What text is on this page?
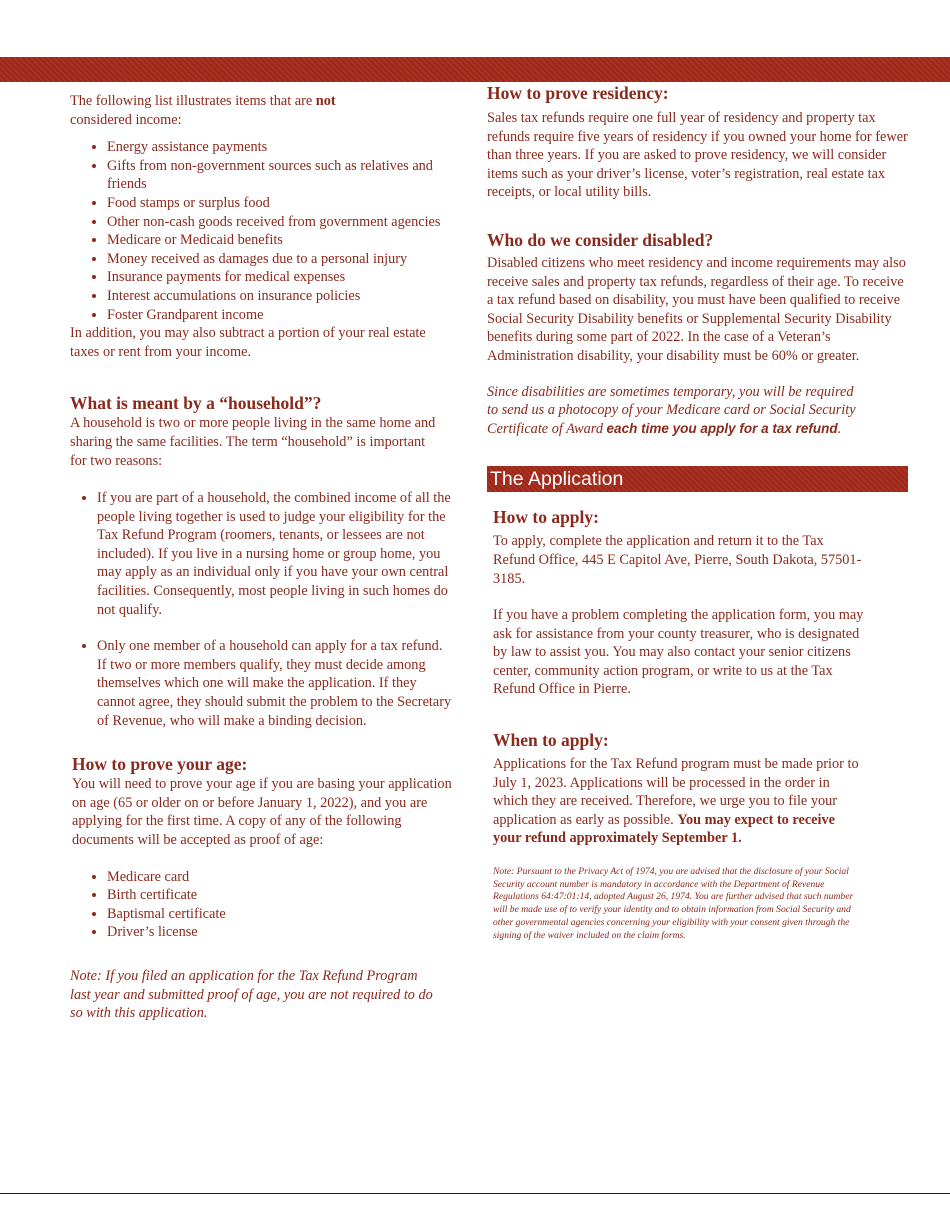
The following list illustrates items that are not
considered income:

• Energy assistance payments
• Gifts from non-government sources such as relatives and friends
• Food stamps or surplus food
• Other non-cash goods received from government agencies
• Medicare or Medicaid benefits
• Money received as damages due to a personal injury
• Insurance payments for medical expenses
• Interest accumulations on insurance policies
• Foster Grandparent income

In addition, you may also subtract a portion of your real estate taxes or rent from your income.

What is meant by a “household”?

A household is two or more people living in the same home and sharing the same facilities. The term “household” is important for two reasons:

• If you are part of a household, the combined income of all the people living together is used to judge your eligibility for the Tax Refund Program (roomers, tenants, or lessees are not included). If you live in a nursing home or group home, you may apply as an individual only if you have your own central facilities. Consequently, most people living in such homes do not qualify.
• Only one member of a household can apply for a tax refund. If two or more members qualify, they must decide among themselves which one will make the application. If they cannot agree, they should submit the problem to the Secretary of Revenue, who will make a binding decision.
How to prove your age:

You will need to prove your age if you are basing your application on age (65 or older on or before January 1, 2022), and you are applying for the first time. A copy of any of the following documents will be accepted as proof of age:

• Medicare card
• Birth certificate
• Baptismal certificate
• Driver’s license

Note: If you filed an application for the Tax Refund Program last year and submitted proof of age, you are not required to do so with this application.

How to prove residency:

Sales tax refunds require one full year of residency and property tax refunds require five years of residency if you owned your home for fewer than three years. If you are asked to prove residency, we will consider items such as your driver’s license, voter’s registration, real estate tax receipts, or local utility bills.

Who do we consider disabled?

Disabled citizens who meet residency and income requirements may also receive sales and property tax refunds, regardless of their age. To receive a tax refund based on disability, you must have been qualified to receive Social Security Disability benefits or Supplemental Security Disability benefits during some part of 2022. In the case of a Veteran’s Administration disability, your disability must be 60% or greater.

Since disabilities are sometimes temporary, you will be required to send us a photocopy of your Medicare card or Social Security Certificate of Award each time you apply for a tax refund.

The Application
How to apply:

To apply, complete the application and return it to the Tax Refund Office, 445 E Capitol Ave, Pierre, South Dakota, 57501-3185.

If you have a problem completing the application form, you may ask for assistance from your county treasurer, who is designated by law to assist you. You may also contact your senior citizens center, community action program, or write to us at the Tax Refund Office in Pierre.

When to apply:

Applications for the Tax Refund program must be made prior to July 1, 2023. Applications will be processed in the order in which they are received. Therefore, we urge you to file your application as early as possible. You may expect to receive your refund approximately September 1.

Note: Pursuant to the Privacy Act of 1974, you are advised that the disclosure of your Social Security account number is mandatory in accordance with the Department of Revenue Regulations 64:47:01:14, adopted August 26, 1974. You are further advised that such number will be made use of to verify your identity and to obtain information from Social Security and other governmental agencies concerning your eligibility with your consent given through the signing of the waiver included on the claim forms.
